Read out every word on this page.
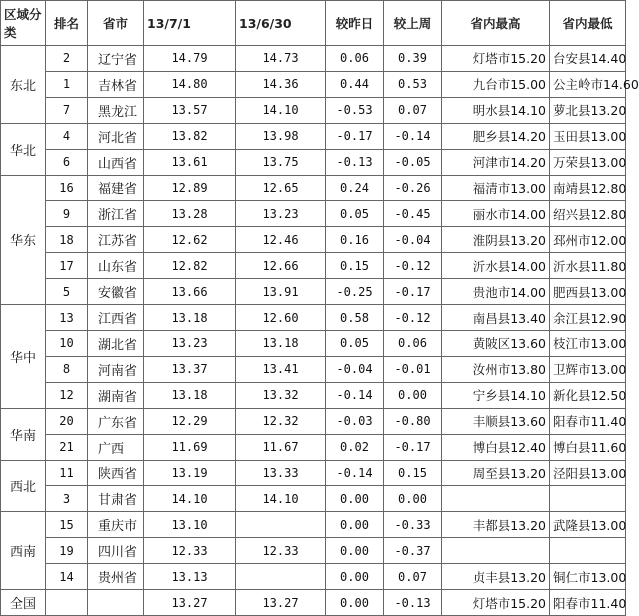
区域分类	排名	省市	13/7/1	13/6/30	较昨日	较上周	省内最高	省内最低
东北	2	辽宁省	14.79	14.73	0.06	0.39	灯塔市15.20	台安县14.40
	1	吉林省	14.80	14.36	0.44	0.53	九台市15.00	公主岭市14.60
	7	黑龙江	13.57	14.10	-0.53	0.07	明水县14.10	萝北县13.20
华北	4	河北省	13.82	13.98	-0.17	-0.14	肥乡县14.20	玉田县13.00
	6	山西省	13.61	13.75	-0.13	-0.05	河津市14.20	万荣县13.00
华东	16	福建省	12.89	12.65	0.24	-0.26	福清市13.00	南靖县12.80
	9	浙江省	13.28	13.23	0.05	-0.45	丽水市14.00	绍兴县12.80
	18	江苏省	12.62	12.46	0.16	-0.04	淮阴县13.20	邳州市12.00
	17	山东省	12.82	12.66	0.15	-0.12	沂水县14.00	沂水县11.80
	5	安徽省	13.66	13.91	-0.25	-0.17	贵池市14.00	肥西县13.00
华中	13	江西省	13.18	12.60	0.58	-0.12	南昌县13.40	余江县12.90
	10	湖北省	13.23	13.18	0.05	0.06	黄陂区13.60	枝江市13.00
	8	河南省	13.37	13.41	-0.04	-0.01	汝州市13.80	卫辉市13.00
	12	湖南省	13.18	13.32	-0.14	0.00	宁乡县14.10	新化县12.50
华南	20	广东省	12.29	12.32	-0.03	-0.80	丰顺县13.60	阳春市11.40
	21	广西	11.69	11.67	0.02	-0.17	博白县12.40	博白县11.60
西北	11	陕西省	13.19	13.33	-0.14	0.15	周至县13.20	泾阳县13.00
	3	甘肃省	14.10	14.10	0.00	0.00		
西南	15	重庆市	13.10		0.00	-0.33	丰都县13.20	武隆县13.00
	19	四川省	12.33	12.33	0.00	-0.37		
	14	贵州省	13.13		0.00	0.07	贞丰县13.20	铜仁市13.00
全国			13.27	13.27	0.00	-0.13	灯塔市15.20	阳春市11.40
